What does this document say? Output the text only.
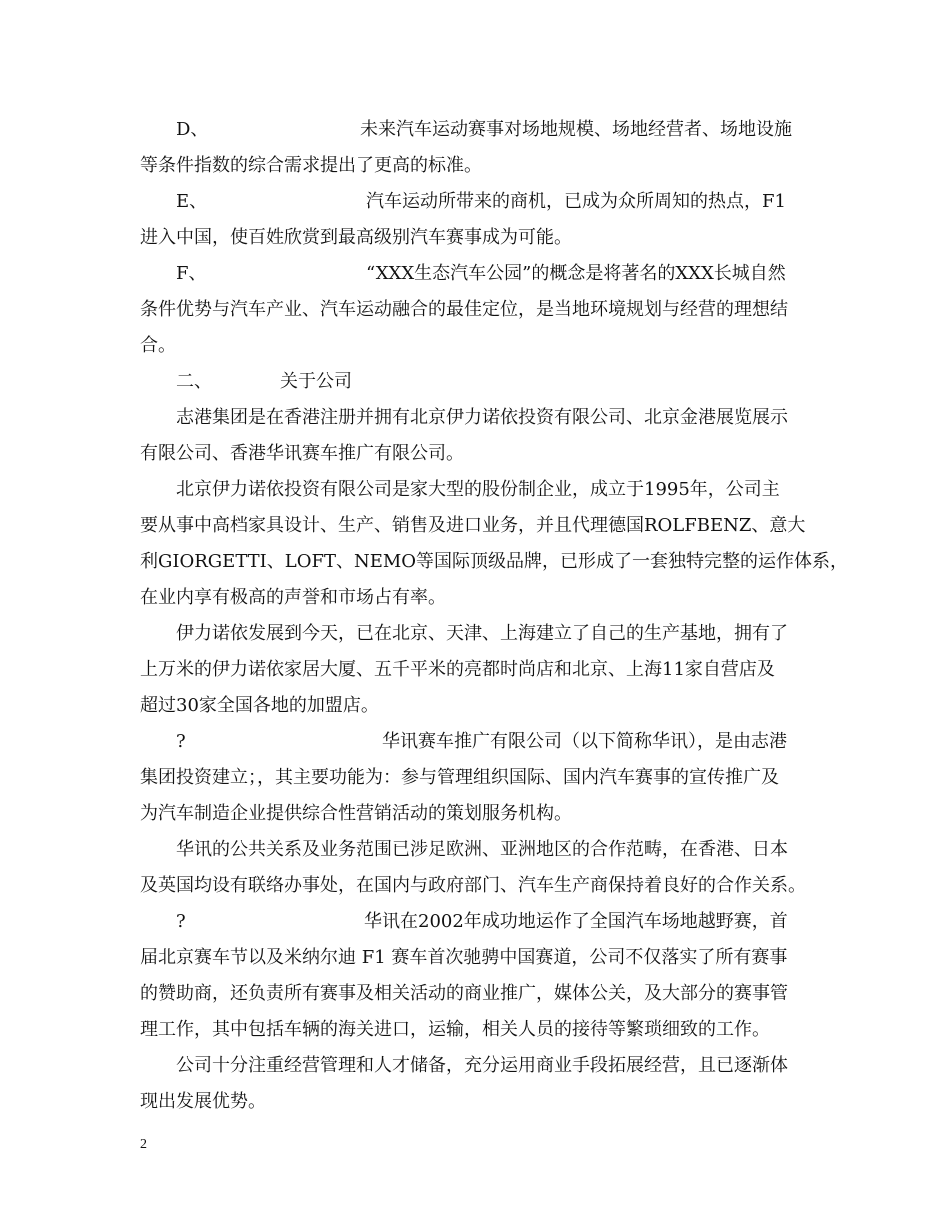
D、	未来汽车运动赛事对场地规模、场地经营者、场地设施
等条件指数的综合需求提出了更高的标准。
E、	汽车运动所带来的商机，已成为众所周知的热点，F1
进入中国，使百姓欣赏到最高级别汽车赛事成为可能。
F、	“XXX生态汽车公园”的概念是将著名的XXX长城自然
条件优势与汽车产业、汽车运动融合的最佳定位，是当地环境规划与经营的理想结
合。
二、	关于公司
志港集团是在香港注册并拥有北京伊力诺依投资有限公司、北京金港展览展示
有限公司、香港华讯赛车推广有限公司。
北京伊力诺依投资有限公司是家大型的股份制企业，成立于1995年，公司主
要从事中高档家具设计、生产、销售及进口业务，并且代理德国ROLFBENZ、意大
利GIORGETTI、LOFT、NEMO等国际顶级品牌，已形成了一套独特完整的运作体系，
在业内享有极高的声誉和市场占有率。
伊力诺依发展到今天，已在北京、天津、上海建立了自己的生产基地，拥有了
上万米的伊力诺依家居大厦、五千平米的亮都时尚店和北京、上海11家自营店及
超过30家全国各地的加盟店。
?	华讯赛车推广有限公司（以下简称华讯），是由志港
集团投资建立；，其主要功能为：参与管理组织国际、国内汽车赛事的宣传推广及
为汽车制造企业提供综合性营销活动的策划服务机构。
华讯的公共关系及业务范围已涉足欧洲、亚洲地区的合作范畴，在香港、日本
及英国均设有联络办事处，在国内与政府部门、汽车生产商保持着良好的合作关系。
?	华讯在2002年成功地运作了全国汽车场地越野赛，首
届北京赛车节以及米纳尔迪 F1 赛车首次驰骋中国赛道，公司不仅落实了所有赛事
的赞助商，还负责所有赛事及相关活动的商业推广，媒体公关，及大部分的赛事管
理工作，其中包括车辆的海关进口，运输，相关人员的接待等繁琐细致的工作。
公司十分注重经营管理和人才储备，充分运用商业手段拓展经营，且已逐渐体
现出发展优势。
2
